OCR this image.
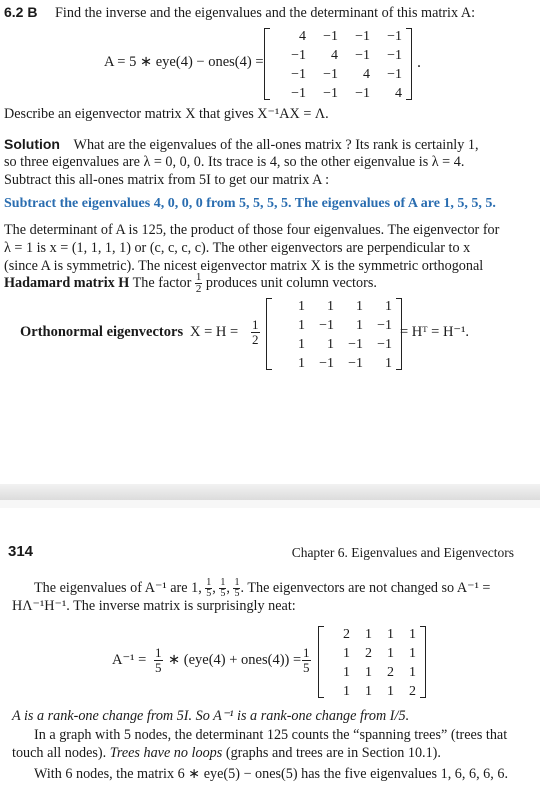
6.2 B Find the inverse and the eigenvalues and the determinant of this matrix A:
A = 5 ∗ eye(4) − ones(4) =
4	−1	−1	−1
−1	4	−1	−1
−1	−1	4	−1
−1	−1	−1	4
.
Describe an eigenvector matrix X that gives X⁻¹AX = Λ.
Solution What are the eigenvalues of the all-ones matrix ? Its rank is certainly 1,
so three eigenvalues are λ = 0, 0, 0. Its trace is 4, so the other eigenvalue is λ = 4.
Subtract this all-ones matrix from 5I to get our matrix A :
Subtract the eigenvalues 4, 0, 0, 0 from 5, 5, 5, 5. The eigenvalues of A are 1, 5, 5, 5.
The determinant of A is 125, the product of those four eigenvalues. The eigenvector for
λ = 1 is x = (1, 1, 1, 1) or (c, c, c, c). The other eigenvectors are perpendicular to x
(since A is symmetric). The nicest eigenvector matrix X is the symmetric orthogonal
Hadamard matrix H The factor $\frac{1}{2}$ produces unit column vectors.
Orthonormal eigenvectors $X = H = \frac{1}{2}$
1	1	1	1
1	−1	1	−1
1	1	−1	−1
1	−1	−1	1
= Hᵀ = H⁻¹.
314	Chapter 6. Eigenvalues and Eigenvectors
The eigenvalues of A⁻¹ are 1, $\frac{1}{5}$ , $\frac{1}{5}$ , $\frac{1}{5}$ . The eigenvectors are not changed so A⁻¹ =
HΛ⁻¹H⁻¹. The inverse matrix is surprisingly neat:
$A^{-1} = \frac{1}{5}$ ∗ (eye(4) + ones(4)) = $\frac{1}{5}$
2	1	1	1
1	2	1	1
1	1	2	1
1	1	1	2
A is a rank-one change from 5I. So A⁻¹ is a rank-one change from I/5.
In a graph with 5 nodes, the determinant 125 counts the “spanning trees” (trees that
touch all nodes). Trees have no loops (graphs and trees are in Section 10.1).
With 6 nodes, the matrix 6 ∗ eye(5) − ones(5) has the five eigenvalues 1, 6, 6, 6, 6.
